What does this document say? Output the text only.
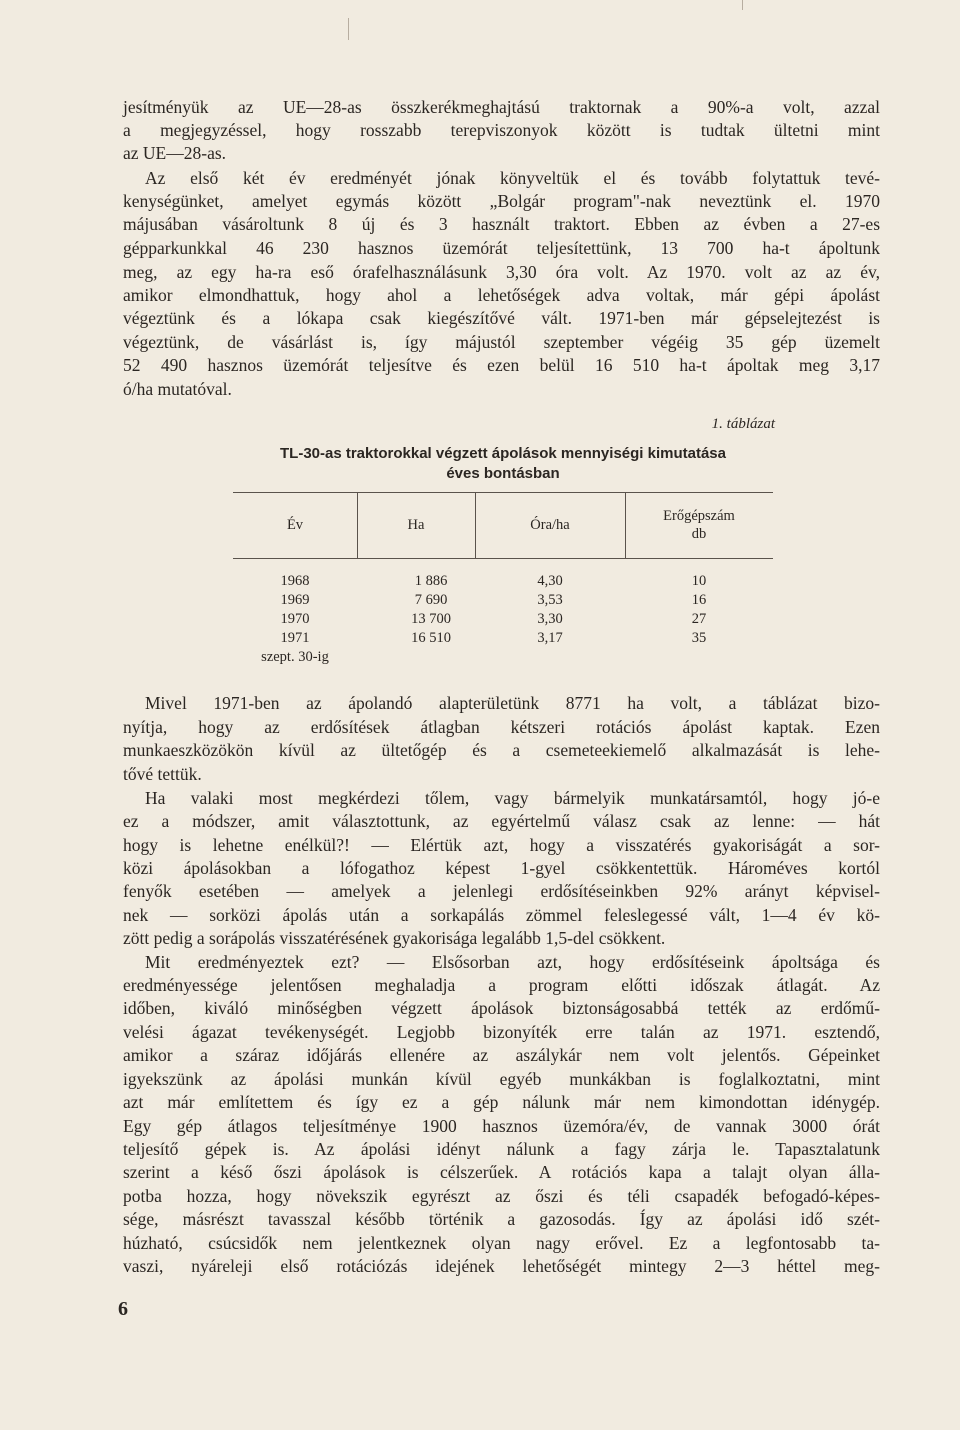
jesítményük az UE—28-as összkerékmeghajtású traktornak a 90%-a volt, azzal
a megjegyzéssel, hogy rosszabb terepviszonyok között is tudtak ültetni mint
az UE—28-as.
Az első két év eredményét jónak könyveltük el és tovább folytattuk tevé-
kenységünket, amelyet egymás között „Bolgár program"-nak neveztünk el. 1970
májusában vásároltunk 8 új és 3 használt traktort. Ebben az évben a 27-es
gépparkunkkal 46 230 hasznos üzemórát teljesítettünk, 13 700 ha-t ápoltunk
meg, az egy ha-ra eső órafelhasználásunk 3,30 óra volt. Az 1970. volt az az év,
amikor elmondhattuk, hogy ahol a lehetőségek adva voltak, már gépi ápolást
végeztünk és a lókapa csak kiegészítővé vált. 1971-ben már gépselejtezést is
végeztünk, de vásárlást is, így májustól szeptember végéig 35 gép üzemelt
52 490 hasznos üzemórát teljesítve és ezen belül 16 510 ha-t ápoltak meg 3,17
ó/ha mutatóval.
1. táblázat
TL-30-as traktorokkal végzett ápolások mennyiségi kimutatása
éves bontásban
Év	Ha	Óra/ha
Erőgépszám
db
1968
1969
1970
1971
szept. 30-ig
1 886
7 690
13 700
16 510
4,30
3,53
3,30
3,17
10
16
27
35
Mivel 1971-ben az ápolandó alapterületünk 8771 ha volt, a táblázat bizo-
nyítja, hogy az erdősítések átlagban kétszeri rotációs ápolást kaptak. Ezen
munkaeszközökön kívül az ültetőgép és a csemeteekiemelő alkalmazását is lehe-
tővé tettük.
Ha valaki most megkérdezi tőlem, vagy bármelyik munkatársamtól, hogy jó-e
ez a módszer, amit választottunk, az egyértelmű válasz csak az lenne: — hát
hogy is lehetne enélkül?! — Elértük azt, hogy a visszatérés gyakoriságát a sor-
közi ápolásokban a lófogathoz képest 1-gyel csökkentettük. Hároméves kortól
fenyők esetében — amelyek a jelenlegi erdősítéseinkben 92% arányt képvisel-
nek — sorközi ápolás után a sorkapálás zömmel feleslegessé vált, 1—4 év kö-
zött pedig a sorápolás visszatérésének gyakorisága legalább 1,5-del csökkent.
Mit eredményeztek ezt? — Elsősorban azt, hogy erdősítéseink ápoltsága és
eredményessége jelentősen meghaladja a program előtti időszak átlagát. Az
időben, kiváló minőségben végzett ápolások biztonságosabbá tették az erdőmű-
velési ágazat tevékenységét. Legjobb bizonyíték erre talán az 1971. esztendő,
amikor a száraz időjárás ellenére az aszálykár nem volt jelentős. Gépeinket
igyekszünk az ápolási munkán kívül egyéb munkákban is foglalkoztatni, mint
azt már említettem és így ez a gép nálunk már nem kimondottan idénygép.
Egy gép átlagos teljesítménye 1900 hasznos üzemóra/év, de vannak 3000 órát
teljesítő gépek is. Az ápolási idényt nálunk a fagy zárja le. Tapasztalatunk
szerint a késő őszi ápolások is célszerűek. A rotációs kapa a talajt olyan álla-
potba hozza, hogy növekszik egyrészt az őszi és téli csapadék befogadó-képes-
sége, másrészt tavasszal később történik a gazosodás. Így az ápolási idő szét-
húzható, csúcsidők nem jelentkeznek olyan nagy erővel. Ez a legfontosabb ta-
vaszi, nyáreleji első rotációzás idejének lehetőségét mintegy 2—3 héttel meg-
6
